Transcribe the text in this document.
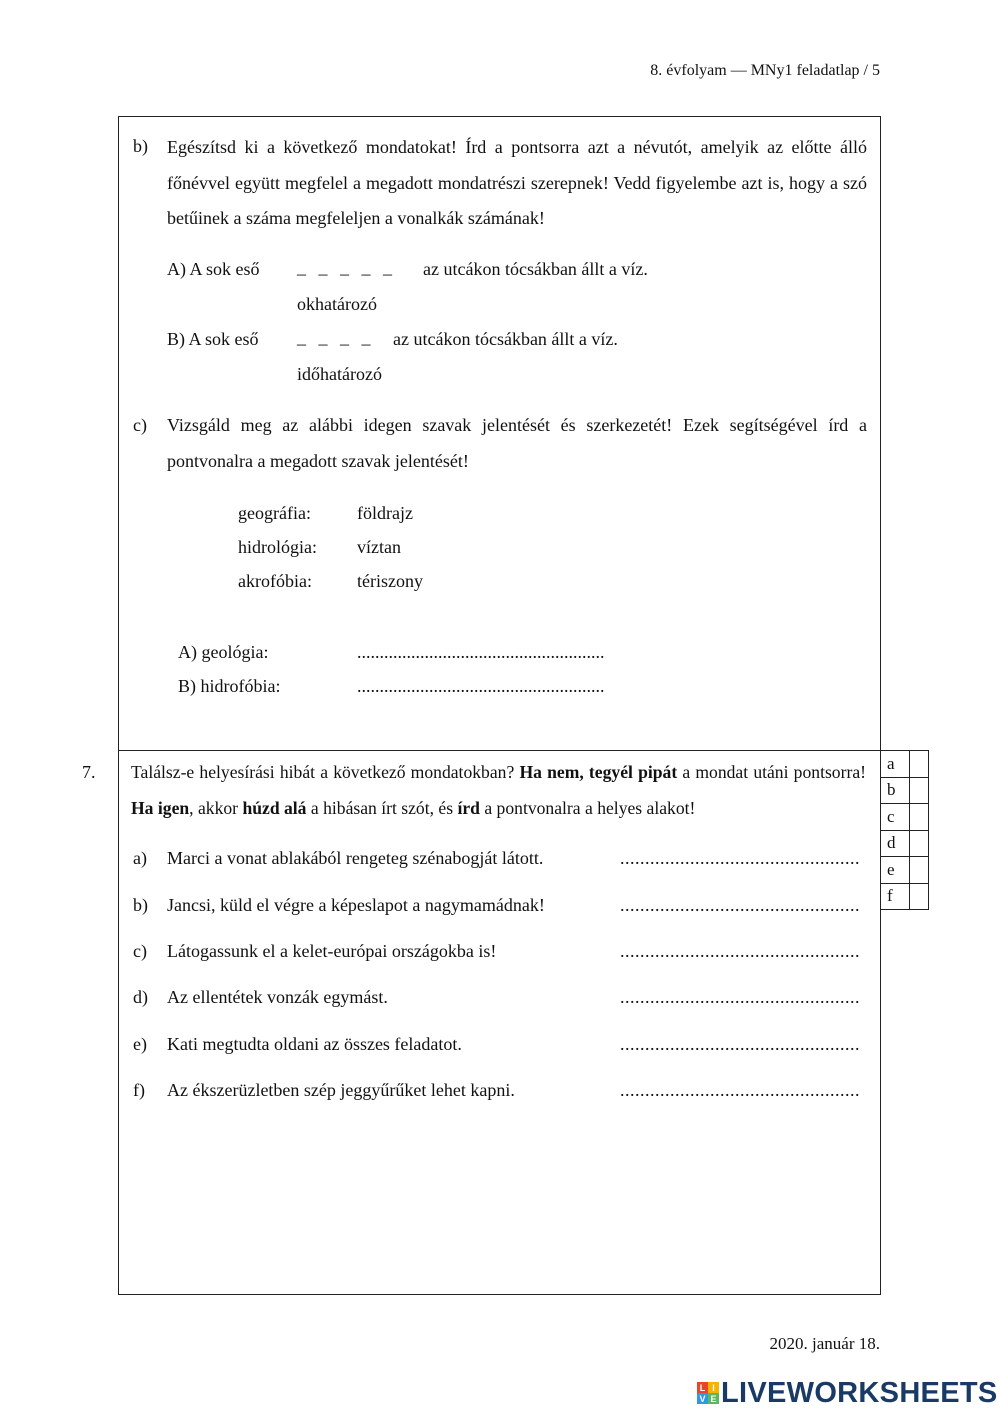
8. évfolyam — MNy1 feladatlap / 5
b) Egészítsd ki a következő mondatokat! Írd a pontsorra azt a névutót, amelyik az előtte álló főnévvel együtt megfelel a megadott mondatrészi szerepnek! Vedd figyelembe azt is, hogy a szó betűinek a száma megfeleljen a vonalkák számának!
A) A sok eső _ _ _ _ _ az utcákon tócsákban állt a víz.
okhatározó
B) A sok eső _ _ _ _ az utcákon tócsákban állt a víz.
időhatározó
c) Vizsgáld meg az alábbi idegen szavak jelentését és szerkezetét! Ezek segítségével írd a pontvonalra a megadott szavak jelentését!
geográfia:	földrajz
hidrológia: víztan
akrofóbia:	tériszony
A) geológia:	.......................................................
B) hidrofóbia:	.......................................................
7. Találsz-e helyesírási hibát a következő mondatokban? Ha nem, tegyél pipát a mondat utáni pontsorra! Ha igen, akkor húzd alá a hibásan írt szót, és írd a pontvonalra a helyes alakot!
a) Marci a vonat ablakából rengeteg szénabogját látott.	................................................
b) Jancsi, küld el végre a képeslapot a nagymamádnak!	................................................
c) Látogassunk el a kelet-európai országokba is!	................................................
d) Az ellentétek vonzák egymást.	................................................
e) Kati megtudta oldani az összes feladatot.	................................................
f) Az ékszerüzletben szép jeggyűrűket lehet kapni.	................................................
a	
b	
c	
d	
e	
f	
2020. január 18.
L I
V E LIVEWORKSHEETS
